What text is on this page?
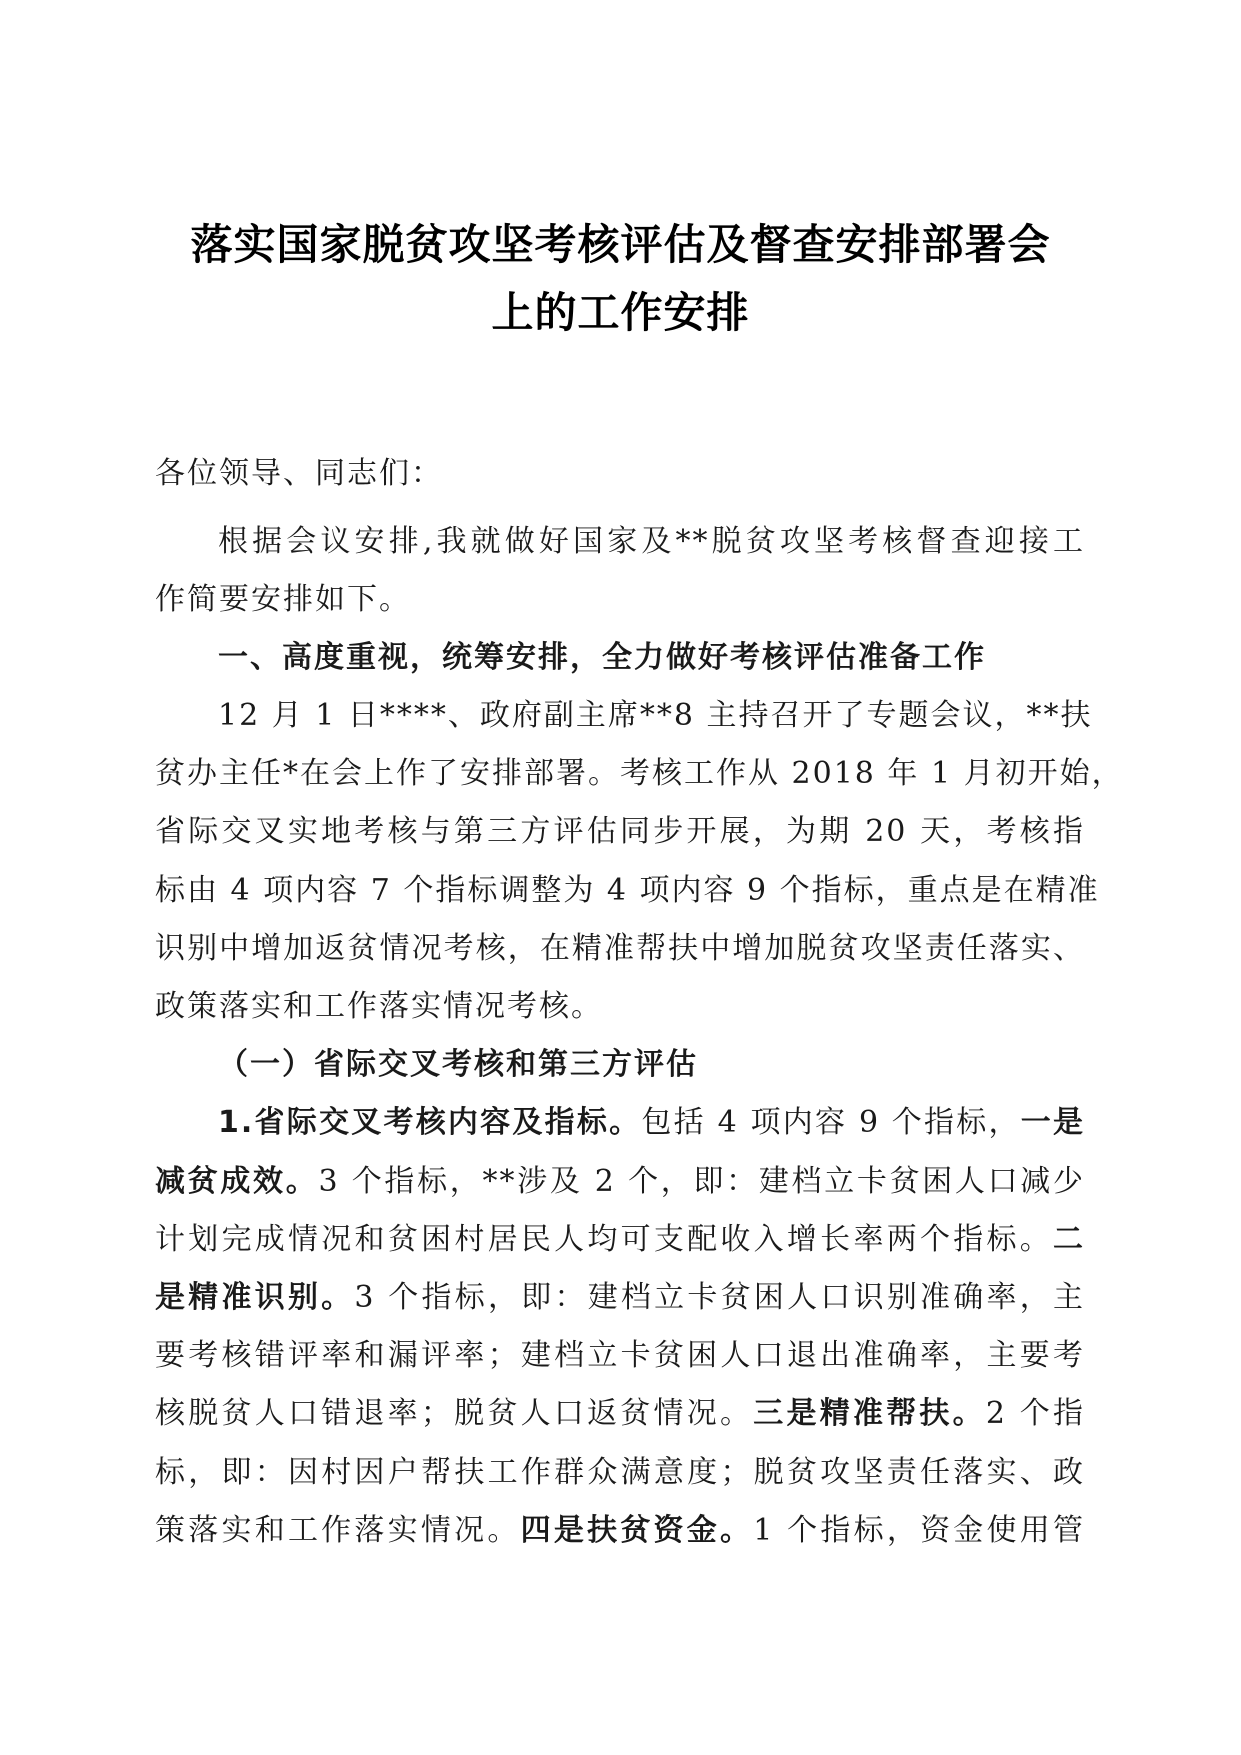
落实国家脱贫攻坚考核评估及督查安排部署会
上的工作安排
各位领导、同志们：
根据会议安排,我就做好国家及**脱贫攻坚考核督查迎接工
作简要安排如下。
一、高度重视，统筹安排，全力做好考核评估准备工作
12 月 1 日****、政府副主席**8 主持召开了专题会议，**扶
贫办主任*在会上作了安排部署。考核工作从 2018 年 1 月初开始，
省际交叉实地考核与第三方评估同步开展，为期 20 天，考核指
标由 4 项内容 7 个指标调整为 4 项内容 9 个指标，重点是在精准
识别中增加返贫情况考核，在精准帮扶中增加脱贫攻坚责任落实、
政策落实和工作落实情况考核。
（一）省际交叉考核和第三方评估
1.省际交叉考核内容及指标。包括 4 项内容 9 个指标，一是
减贫成效。3 个指标，**涉及 2 个，即：建档立卡贫困人口减少
计划完成情况和贫困村居民人均可支配收入增长率两个指标。二
是精准识别。3 个指标，即：建档立卡贫困人口识别准确率，主
要考核错评率和漏评率；建档立卡贫困人口退出准确率，主要考
核脱贫人口错退率；脱贫人口返贫情况。三是精准帮扶。2 个指
标，即：因村因户帮扶工作群众满意度；脱贫攻坚责任落实、政
策落实和工作落实情况。四是扶贫资金。1 个指标，资金使用管
